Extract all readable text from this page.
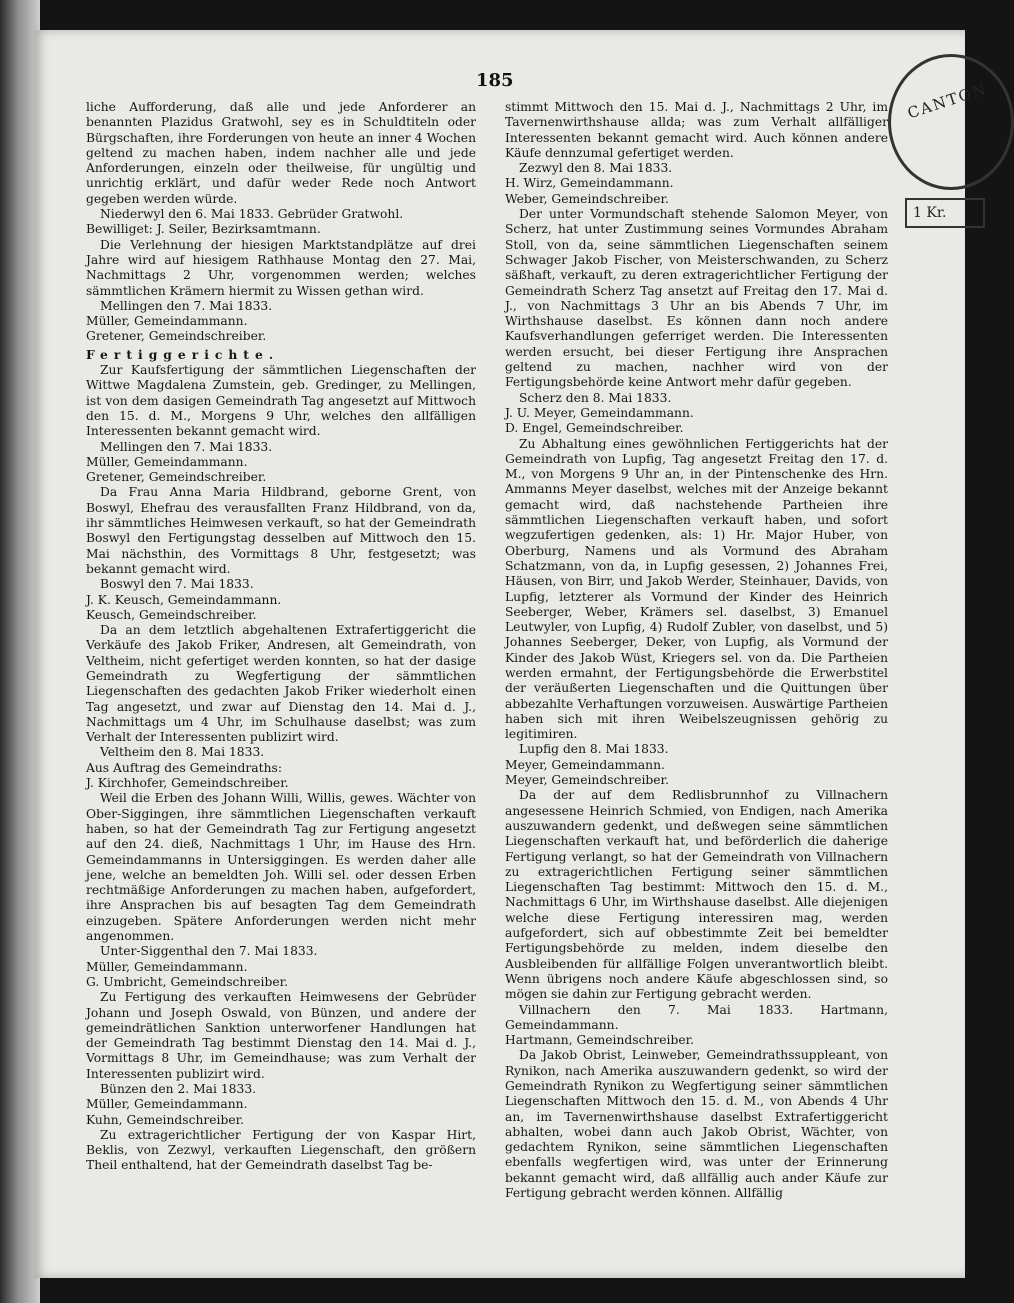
CANTON
1 Kr.
185

liche Aufforderung, daß alle und jede Anforderer an benannten Plazidus Gratwohl, sey es in Schuldtiteln oder Bürgschaften, ihre Forderungen von heute an inner 4 Wochen geltend zu machen haben, indem nachher alle und jede Anforderungen, einzeln oder theilweise, für ungültig und unrichtig erklärt, und dafür weder Rede noch Antwort gegeben werden würde.

Niederwyl den 6. Mai 1833. Gebrüder Gratwohl.

Bewilliget: J. Seiler, Bezirksamtmann.

Die Verlehnung der hiesigen Marktstandplätze auf drei Jahre wird auf hiesigem Rathhause Montag den 27. Mai, Nachmittags 2 Uhr, vorgenommen werden; welches sämmtlichen Krämern hiermit zu Wissen gethan wird.

Mellingen den 7. Mai 1833.

Müller, Gemeindammann.

Gretener, Gemeindschreiber.

Fertiggerichte.

Zur Kaufsfertigung der sämmtlichen Liegenschaften der Wittwe Magdalena Zumstein, geb. Gredinger, zu Mellingen, ist von dem dasigen Gemeindrath Tag angesetzt auf Mittwoch den 15. d. M., Morgens 9 Uhr, welches den allfälligen Interessenten bekannt gemacht wird.

Mellingen den 7. Mai 1833.

Müller, Gemeindammann.

Gretener, Gemeindschreiber.

Da Frau Anna Maria Hildbrand, geborne Grent, von Boswyl, Ehefrau des verausfallten Franz Hildbrand, von da, ihr sämmtliches Heimwesen verkauft, so hat der Gemeindrath Boswyl den Fertigungstag desselben auf Mittwoch den 15. Mai nächsthin, des Vormittags 8 Uhr, festgesetzt; was bekannt gemacht wird.

Boswyl den 7. Mai 1833.

J. K. Keusch, Gemeindammann.

Keusch, Gemeindschreiber.

Da an dem letztlich abgehaltenen Extrafertiggericht die Verkäufe des Jakob Friker, Andresen, alt Gemeindrath, von Veltheim, nicht gefertiget werden konnten, so hat der dasige Gemeindrath zu Wegfertigung der sämmtlichen Liegenschaften des gedachten Jakob Friker wiederholt einen Tag angesetzt, und zwar auf Dienstag den 14. Mai d. J., Nachmittags um 4 Uhr, im Schulhause daselbst; was zum Verhalt der Interessenten publizirt wird.

Veltheim den 8. Mai 1833.

Aus Auftrag des Gemeindraths:

J. Kirchhofer, Gemeindschreiber.

Weil die Erben des Johann Willi, Willis, gewes. Wächter von Ober-Siggingen, ihre sämmtlichen Liegenschaften verkauft haben, so hat der Gemeindrath Tag zur Fertigung angesetzt auf den 24. dieß, Nachmittags 1 Uhr, im Hause des Hrn. Gemeindammanns in Untersiggingen. Es werden daher alle jene, welche an bemeldten Joh. Willi sel. oder dessen Erben rechtmäßige Anforderungen zu machen haben, aufgefordert, ihre Ansprachen bis auf besagten Tag dem Gemeindrath einzugeben. Spätere Anforderungen werden nicht mehr angenommen.

Unter-Siggenthal den 7. Mai 1833.

Müller, Gemeindammann.

G. Umbricht, Gemeindschreiber.

Zu Fertigung des verkauften Heimwesens der Gebrüder Johann und Joseph Oswald, von Bünzen, und andere der gemeindrätlichen Sanktion unterworfener Handlungen hat der Gemeindrath Tag bestimmt Dienstag den 14. Mai d. J., Vormittags 8 Uhr, im Gemeindhause; was zum Verhalt der Interessenten publizirt wird.

Bünzen den 2. Mai 1833.

Müller, Gemeindammann.

Kuhn, Gemeindschreiber.

Zu extragerichtlicher Fertigung der von Kaspar Hirt, Beklis, von Zezwyl, verkauften Liegenschaft, den größern Theil enthaltend, hat der Gemeindrath daselbst Tag be-

stimmt Mittwoch den 15. Mai d. J., Nachmittags 2 Uhr, im Tavernenwirthshause allda; was zum Verhalt allfälliger Interessenten bekannt gemacht wird. Auch können andere Käufe dennzumal gefertiget werden.

Zezwyl den 8. Mai 1833.

H. Wirz, Gemeindammann.

Weber, Gemeindschreiber.

Der unter Vormundschaft stehende Salomon Meyer, von Scherz, hat unter Zustimmung seines Vormundes Abraham Stoll, von da, seine sämmtlichen Liegenschaften seinem Schwager Jakob Fischer, von Meisterschwanden, zu Scherz säßhaft, verkauft, zu deren extragerichtlicher Fertigung der Gemeindrath Scherz Tag ansetzt auf Freitag den 17. Mai d. J., von Nachmittags 3 Uhr an bis Abends 7 Uhr, im Wirthshause daselbst. Es können dann noch andere Kaufsverhandlungen geferriget werden. Die Interessenten werden ersucht, bei dieser Fertigung ihre Ansprachen geltend zu machen, nachher wird von der Fertigungsbehörde keine Antwort mehr dafür gegeben.

Scherz den 8. Mai 1833.

J. U. Meyer, Gemeindammann.

D. Engel, Gemeindschreiber.

Zu Abhaltung eines gewöhnlichen Fertiggerichts hat der Gemeindrath von Lupfig, Tag angesetzt Freitag den 17. d. M., von Morgens 9 Uhr an, in der Pintenschenke des Hrn. Ammanns Meyer daselbst, welches mit der Anzeige bekannt gemacht wird, daß nachstehende Partheien ihre sämmtlichen Liegenschaften verkauft haben, und sofort wegzufertigen gedenken, als: 1) Hr. Major Huber, von Oberburg, Namens und als Vormund des Abraham Schatzmann, von da, in Lupfig gesessen, 2) Johannes Frei, Häusen, von Birr, und Jakob Werder, Steinhauer, Davids, von Lupfig, letzterer als Vormund der Kinder des Heinrich Seeberger, Weber, Krämers sel. daselbst, 3) Emanuel Leutwyler, von Lupfig, 4) Rudolf Zubler, von daselbst, und 5) Johannes Seeberger, Deker, von Lupfig, als Vormund der Kinder des Jakob Wüst, Kriegers sel. von da. Die Partheien werden ermahnt, der Fertigungsbehörde die Erwerbstitel der veräußerten Liegenschaften und die Quittungen über abbezahlte Verhaftungen vorzuweisen. Auswärtige Partheien haben sich mit ihren Weibelszeugnissen gehörig zu legitimiren.

Lupfig den 8. Mai 1833.

Meyer, Gemeindammann.

Meyer, Gemeindschreiber.

Da der auf dem Redlisbrunnhof zu Villnachern angesessene Heinrich Schmied, von Endigen, nach Amerika auszuwandern gedenkt, und deßwegen seine sämmtlichen Liegenschaften verkauft hat, und beförderlich die daherige Fertigung verlangt, so hat der Gemeindrath von Villnachern zu extragerichtlichen Fertigung seiner sämmtlichen Liegenschaften Tag bestimmt: Mittwoch den 15. d. M., Nachmittags 6 Uhr, im Wirthshause daselbst. Alle diejenigen welche diese Fertigung interessiren mag, werden aufgefordert, sich auf obbestimmte Zeit bei bemeldter Fertigungsbehörde zu melden, indem dieselbe den Ausbleibenden für allfällige Folgen unverantwortlich bleibt. Wenn übrigens noch andere Käufe abgeschlossen sind, so mögen sie dahin zur Fertigung gebracht werden.

Villnachern den 7. Mai 1833. Hartmann, Gemeindammann.

Hartmann, Gemeindschreiber.

Da Jakob Obrist, Leinweber, Gemeindrathssuppleant, von Rynikon, nach Amerika auszuwandern gedenkt, so wird der Gemeindrath Rynikon zu Wegfertigung seiner sämmtlichen Liegenschaften Mittwoch den 15. d. M., von Abends 4 Uhr an, im Tavernenwirthshause daselbst Extrafertiggericht abhalten, wobei dann auch Jakob Obrist, Wächter, von gedachtem Rynikon, seine sämmtlichen Liegenschaften ebenfalls wegfertigen wird, was unter der Erinnerung bekannt gemacht wird, daß allfällig auch ander Käufe zur Fertigung gebracht werden können. Allfällig
